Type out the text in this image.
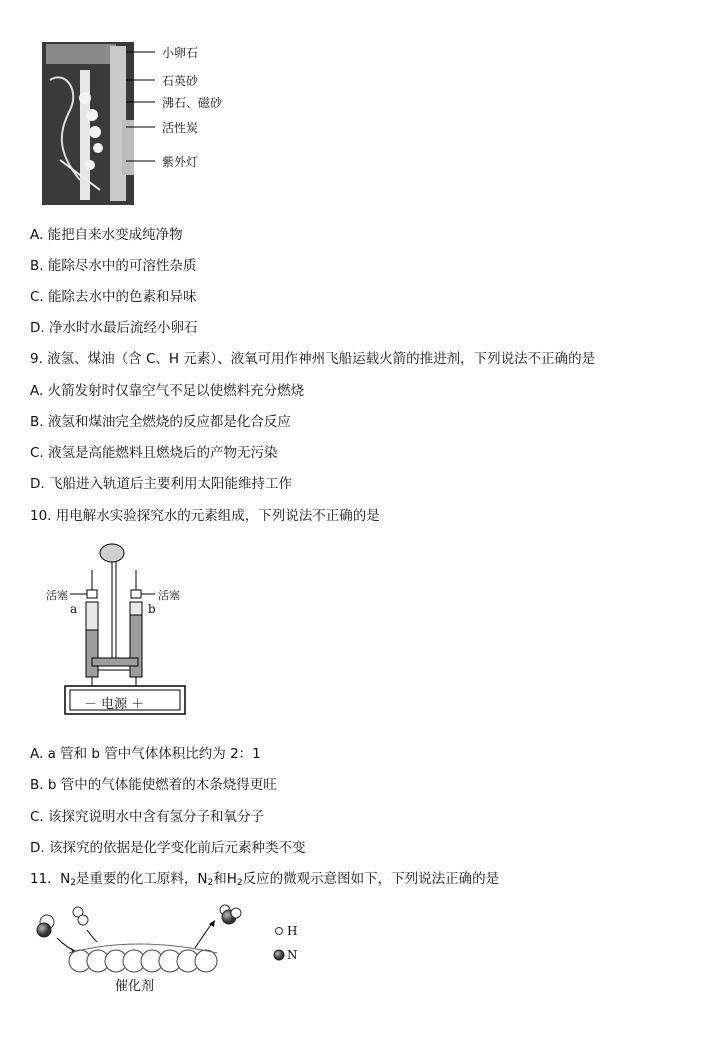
小卵石
石英砂
沸石、磁砂
活性炭
紫外灯
A. 能把自来水变成纯净物
B. 能除尽水中的可溶性杂质
C. 能除去水中的色素和异味
D. 净水时水最后流经小卵石
9. 液氢、煤油（含 C、H 元素）、液氧可用作神州飞船运载火箭的推进剂，下列说法不正确的是
A. 火箭发射时仅靠空气不足以使燃料充分燃烧
B. 液氢和煤油完全燃烧的反应都是化合反应
C. 液氢是高能燃料且燃烧后的产物无污染
D. 飞船进入轨道后主要利用太阳能维持工作
10. 用电解水实验探究水的元素组成，下列说法不正确的是
活塞	活塞
a	b
－ 电源 ＋
A. a 管和 b 管中气体体积比约为 2：1
B. b 管中的气体能使燃着的木条烧得更旺
C. 该探究说明水中含有氢分子和氧分子
D. 该探究的依据是化学变化前后元素种类不变
11. $N_2$是重要的化工原料，$N_2$和$H_2$反应的微观示意图如下，下列说法正确的是
催化剂
H
N
